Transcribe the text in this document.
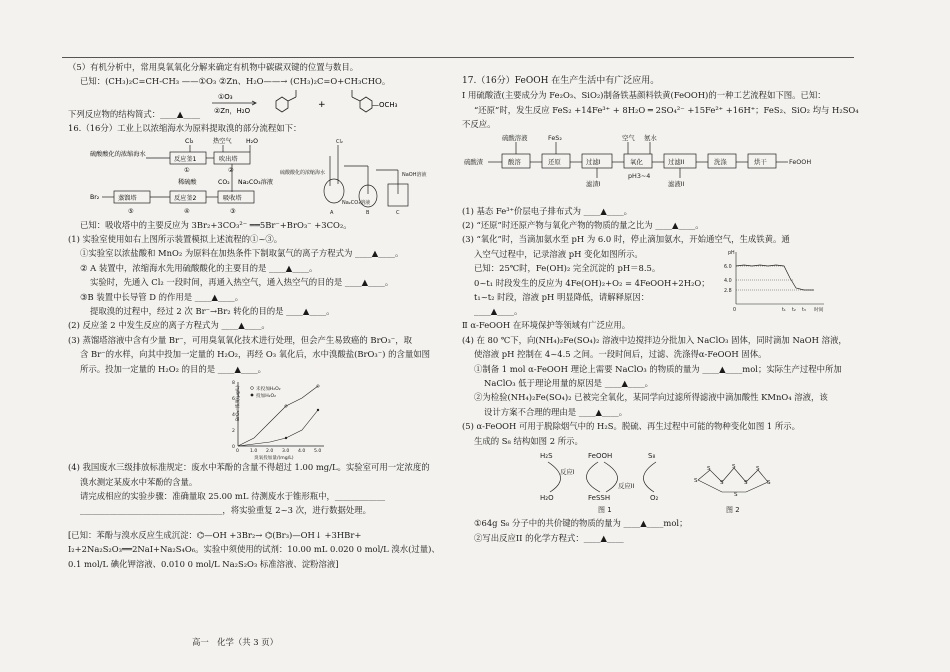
（5）有机分析中，常用臭氧氧化分解来确定有机物中碳碳双键的位置与数目。
已知：(CH₃)₂C=CH-CH₃ ——①O₃ ②Zn、H₂O——→ (CH₃)₂C=O+CH₃CHO。
①O₃
②Zn，H₂O
+	—OCH₃
下列反应物的结构简式：____▲____
16.（16分）工业上以浓缩海水为原料提取溴的部分流程如下：
Cl₂	热空气 H₂O
硫酸酸化的浓缩海水
反应釜1	吹出塔
①	②
稀硫酸	CO₂ Na₂CO₃溶液
Br₂	蒸馏塔	反应釜2	吸收塔
⑤	④	③
Cl₂
硫酸酸化的浓缩海水
Na₂CO₃溶液
NaOH溶液
A	B	C
已知：吸收塔中的主要反应为 3Br₂+3CO₃²⁻ ══5Br⁻+BrO₃⁻ +3CO₂。
(1) 实验室使用如右上图所示装置模拟上述流程的①~③。
①实验室以浓盐酸和 MnO₂ 为原料在加热条件下制取氯气的离子方程式为 ____▲____。
② A 装置中，浓缩海水先用硫酸酸化的主要目的是 ____▲____。
实验时，先通入 Cl₂ 一段时间，再通入热空气，通入热空气的目的是 ____▲____。
③B 装置中长导管 D 的作用是 ____▲____。
提取溴的过程中，经过 2 次 Br⁻→Br₂ 转化的目的是 ____▲____。
(2) 反应釜 2 中发生反应的离子方程式为 ____▲____。
(3) 蒸馏塔溶液中含有少量 Br⁻，可用臭氧氧化技术进行处理，但会产生易致癌的 BrO₃⁻，取
含 Br⁻的水样，向其中投加一定量的 H₂O₂，再经 O₃ 氧化后，水中溴酸盐(BrO₃⁻) 的含量如图
所示。投加一定量的 H₂O₂ 的目的是 ____▲____。
BrO₃⁻浓度(μg/L)
0
2
4
6
8
0 1.0 2.0 3.0 4.0 5.0
臭氧投加量/(mg/L)
未投加H₂O₂
投加H₂O₂
(4) 我国废水三级排放标准规定：废水中苯酚的含量不得超过 1.00 mg/L。实验室可用一定浓度的
溴水测定某废水中苯酚的含量。
请完成相应的实验步骤：准确量取 25.00 mL 待测废水于锥形瓶中，____________
__________________________________，将实验重复 2~3 次，进行数据处理。
[已知：苯酚与溴水反应生成沉淀：⌬—OH +3Br₂→ ⌬(Br₃)—OH↓ +3HBr+
I₂+2Na₂S₂O₃══2NaI+Na₂S₄O₆。实验中须使用的试剂：10.00 mL 0.020 0 mol/L 溴水(过量)、
0.1 mol/L 碘化钾溶液、0.010 0 mol/L Na₂S₂O₃ 标准溶液、淀粉溶液]
17.（16分）FeOOH 在生产生活中有广泛应用。
Ⅰ 用硫酸渣(主要成分为 Fe₂O₃、SiO₂)制备铁基颜料铁黄(FeOOH)的一种工艺流程如下图。已知：
“还原”时，发生反应 FeS₂ +14Fe³⁺ + 8H₂O ═ 2SO₄²⁻ +15Fe²⁺ +16H⁺；FeS₂、SiO₂ 均与 H₂SO₄
不反应。
硫酸溶液	FeS₂	空气 氨水
硫酸渣	酸溶	还原	过滤I
滤渣I
氧化
pH3~4
过滤II
滤液II
洗涤	烘干	FeOOH
(1) 基态 Fe³⁺价层电子排布式为 ____▲____。
(2) “还原”时还原产物与氧化产物的物质的量之比为 ____▲____。
(3) “氧化”时，当滴加氨水至 pH 为 6.0 时，停止滴加氨水，开始通空气，生成铁黄。通
入空气过程中，记录溶液 pH 变化如图所示。
已知：25℃时，Fe(OH)₂ 完全沉淀的 pH＝8.5。
0~t₁ 时段发生的反应为 4Fe(OH)₂+O₂ = 4FeOOH+2H₂O；
t₁~t₂ 时段，溶液 pH 明显降低，请解释原因：
____▲____。
pH
6.0
4.0
2.8
0	t₁ t₂ t₃ 时间
Ⅱ α-FeOOH 在环境保护等领域有广泛应用。
(4) 在 80 ℃下，向(NH₄)₂Fe(SO₄)₂ 溶液中边搅拌边分批加入 NaClO₃ 固体，同时滴加 NaOH 溶液，
使溶液 pH 控制在 4~4.5 之间。一段时间后，过滤、洗涤得α-FeOOH 固体。
①制备 1 mol α-FeOOH 理论上需要 NaClO₃ 的物质的量为 ____▲____mol；实际生产过程中所加
NaClO₃ 低于理论用量的原因是 ____▲____。
②为检验(NH₄)₂Fe(SO₄)₂ 已被完全氧化，某同学向过滤所得滤液中滴加酸性 KMnO₄ 溶液，该
设计方案不合理的理由是 ____▲____。
(5) α-FeOOH 可用于脱除烟气中的 H₂S。脱硫、再生过程中可能的物种变化如图 1 所示。
生成的 S₈ 结构如图 2 所示。
H₂S	FeOOH	S₈
H₂O	FeSSH	O₂
反应I
反应II
图 1
S
S
S
S
S
S
S
S
图 2
①64g S₈ 分子中的共价键的物质的量为 ____▲____mol；
②写出反应II 的化学方程式：____▲____
高一　化学（共 3 页）
